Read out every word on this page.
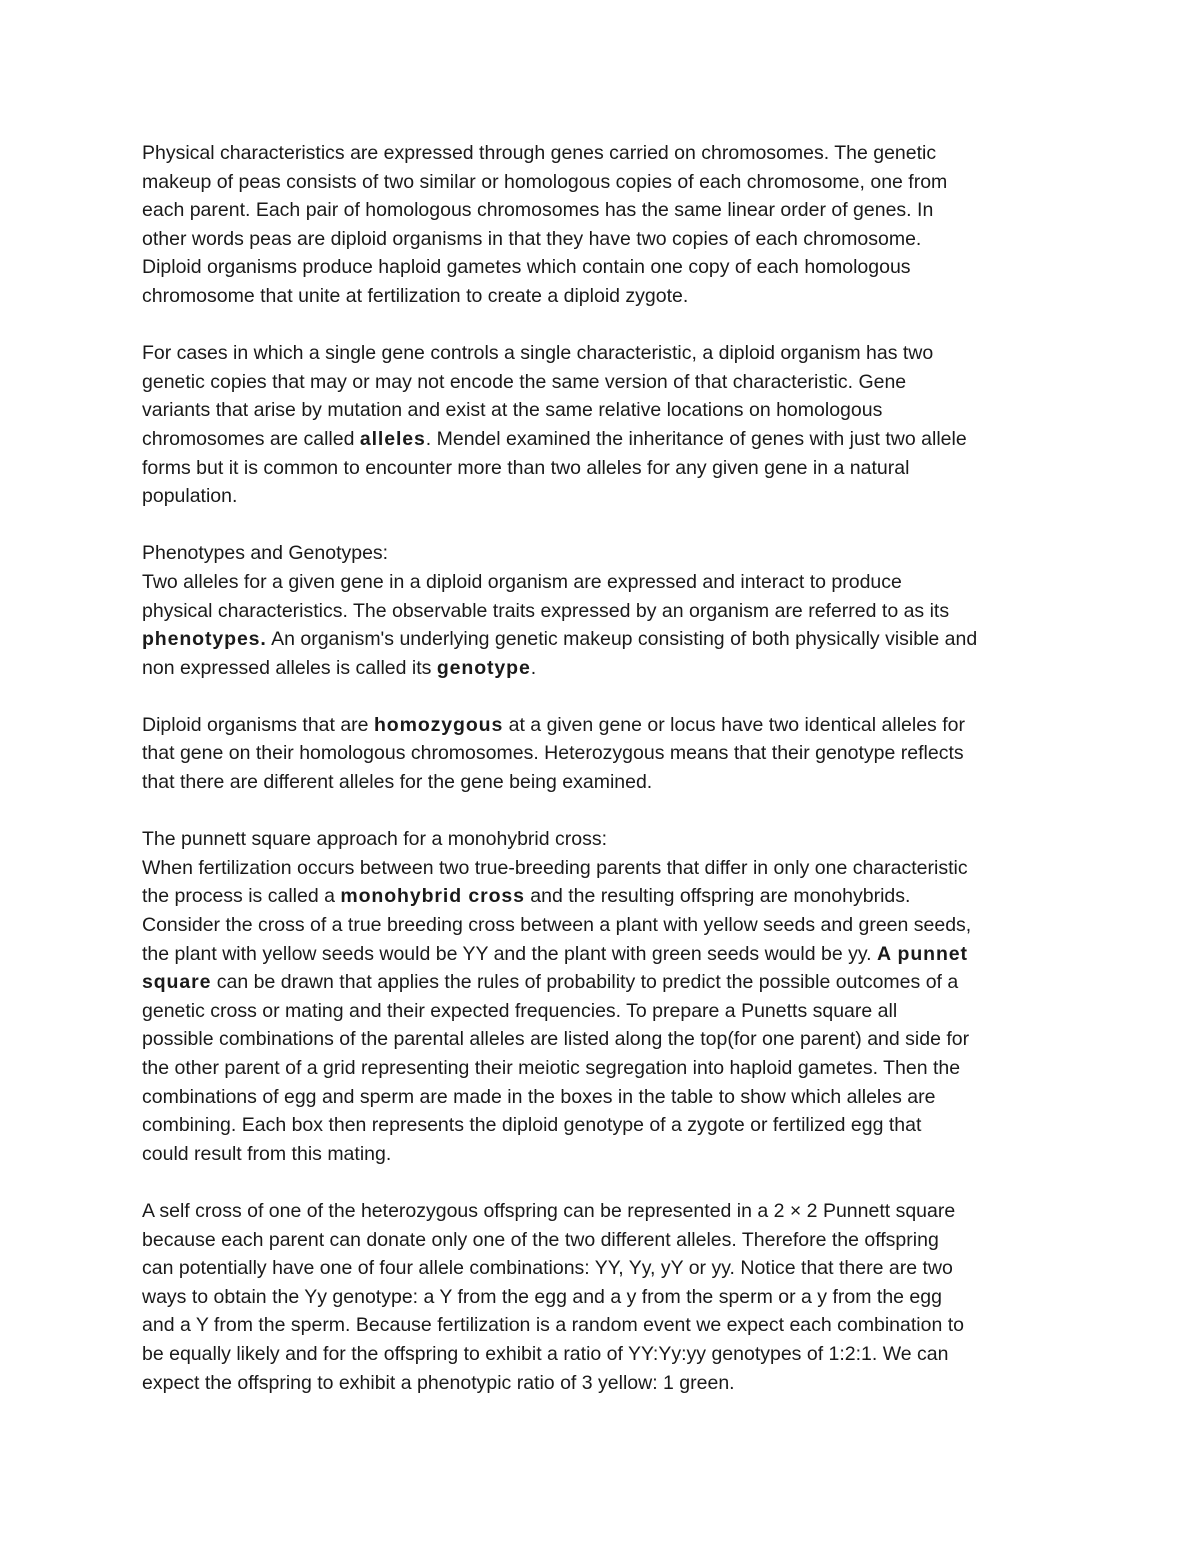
Physical characteristics are expressed through genes carried on chromosomes. The genetic
makeup of peas consists of two similar or homologous copies of each chromosome, one from
each parent. Each pair of homologous chromosomes has the same linear order of genes. In
other words peas are diploid organisms in that they have two copies of each chromosome.
Diploid organisms produce haploid gametes which contain one copy of each homologous
chromosome that unite at fertilization to create a diploid zygote.
For cases in which a single gene controls a single characteristic, a diploid organism has two
genetic copies that may or may not encode the same version of that characteristic. Gene
variants that arise by mutation and exist at the same relative locations on homologous
chromosomes are called alleles. Mendel examined the inheritance of genes with just two allele
forms but it is common to encounter more than two alleles for any given gene in a natural
population.
Phenotypes and Genotypes:
Two alleles for a given gene in a diploid organism are expressed and interact to produce
physical characteristics. The observable traits expressed by an organism are referred to as its
phenotypes. An organism's underlying genetic makeup consisting of both physically visible and
non expressed alleles is called its genotype.
Diploid organisms that are homozygous at a given gene or locus have two identical alleles for
that gene on their homologous chromosomes. Heterozygous means that their genotype reflects
that there are different alleles for the gene being examined.
The punnett square approach for a monohybrid cross:
When fertilization occurs between two true-breeding parents that differ in only one characteristic
the process is called a monohybrid cross and the resulting offspring are monohybrids.
Consider the cross of a true breeding cross between a plant with yellow seeds and green seeds,
the plant with yellow seeds would be YY and the plant with green seeds would be yy. A punnet
square can be drawn that applies the rules of probability to predict the possible outcomes of a
genetic cross or mating and their expected frequencies. To prepare a Punetts square all
possible combinations of the parental alleles are listed along the top(for one parent) and side for
the other parent of a grid representing their meiotic segregation into haploid gametes. Then the
combinations of egg and sperm are made in the boxes in the table to show which alleles are
combining. Each box then represents the diploid genotype of a zygote or fertilized egg that
could result from this mating.
A self cross of one of the heterozygous offspring can be represented in a 2 × 2 Punnett square
because each parent can donate only one of the two different alleles. Therefore the offspring
can potentially have one of four allele combinations: YY, Yy, yY or yy. Notice that there are two
ways to obtain the Yy genotype: a Y from the egg and a y from the sperm or a y from the egg
and a Y from the sperm. Because fertilization is a random event we expect each combination to
be equally likely and for the offspring to exhibit a ratio of YY:Yy:yy genotypes of 1:2:1. We can
expect the offspring to exhibit a phenotypic ratio of 3 yellow: 1 green.
